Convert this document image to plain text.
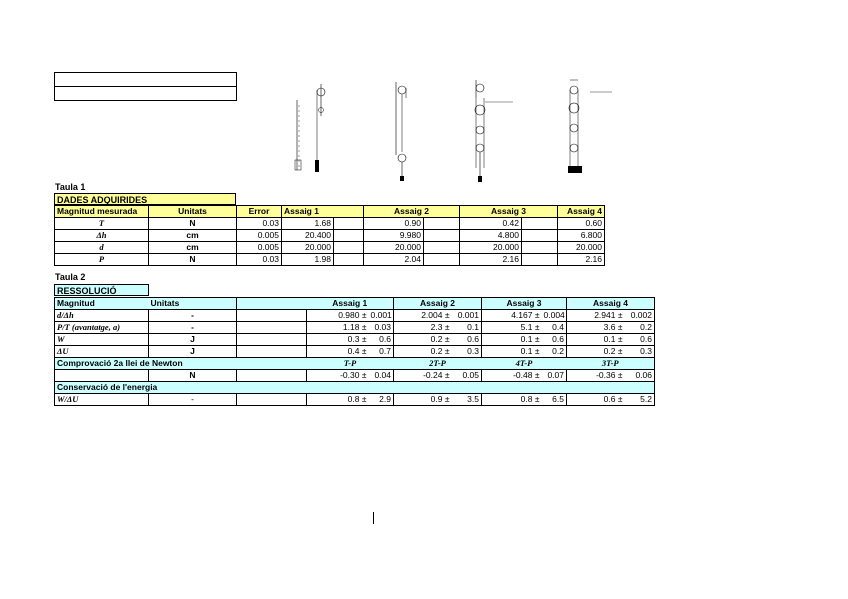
Taula 1
DADES ADQUIRIDES
Magnitud mesurada	Unitats	Error	Assaig 1		Assaig 2		Assaig 3		Assaig 4
T	N	0.03	1.68		0.90		0.42		0.60
Δh	cm	0.005	20.400		9.980		4.800		6.800
d	cm	0.005	20.000		20.000		20.000		20.000
P	N	0.03	1.98		2.04		2.16		2.16
Taula 2
RESSOLUCIÓ
Magnitud	Unitats		Assaig 1		Assaig 2		Assaig 3		Assaig 4	
d/Δh	-		0.980 ±	0.001	2.004 ±	0.001	4.167 ±	0.004	2.941 ±	0.002
P/T (avantatge, a)	-		1.18 ±	0.03	2.3 ±	0.1	5.1 ±	0.4	3.6 ±	0.2
W	J		0.3 ±	0.6	0.2 ±	0.6	0.1 ±	0.6	0.1 ±	0.6
ΔU	J		0.4 ±	0.7	0.2 ±	0.3	0.1 ±	0.2	0.2 ±	0.3
Comprovació 2a llei de Newton			T-P		2T-P		4T-P		3T-P	
	N		-0.30 ±	0.04	-0.24 ±	0.05	-0.48 ±	0.07	-0.36 ±	0.06
Conservació de l'energia										
W/ΔU	-		0.8 ±	2.9	0.9 ±	3.5	0.8 ±	6.5	0.6 ±	5.2
